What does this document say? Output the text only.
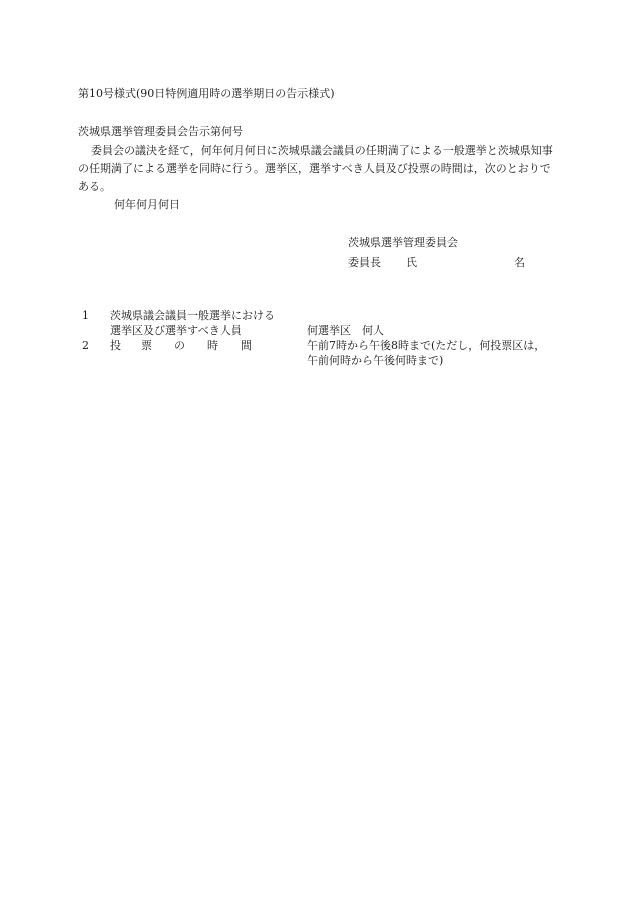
第10号様式(90日特例適用時の選挙期日の告示様式)
茨城県選挙管理委員会告示第何号
委員会の議決を経て，何年何月何日に茨城県議会議員の任期満了による一般選挙と茨城県知事の任期満了による選挙を同時に行う。選挙区，選挙すべき人員及び投票の時間は，次のとおりである。
何年何月何日
茨城県選挙管理委員会
委員長 氏	名
1 茨城県議会議員一般選挙における
選挙区及び選挙すべき人員	何選挙区　何人
2 投 票 の 時 間	午前7時から午後8時まで(ただし，何投票区は，
午前何時から午後何時まで)
